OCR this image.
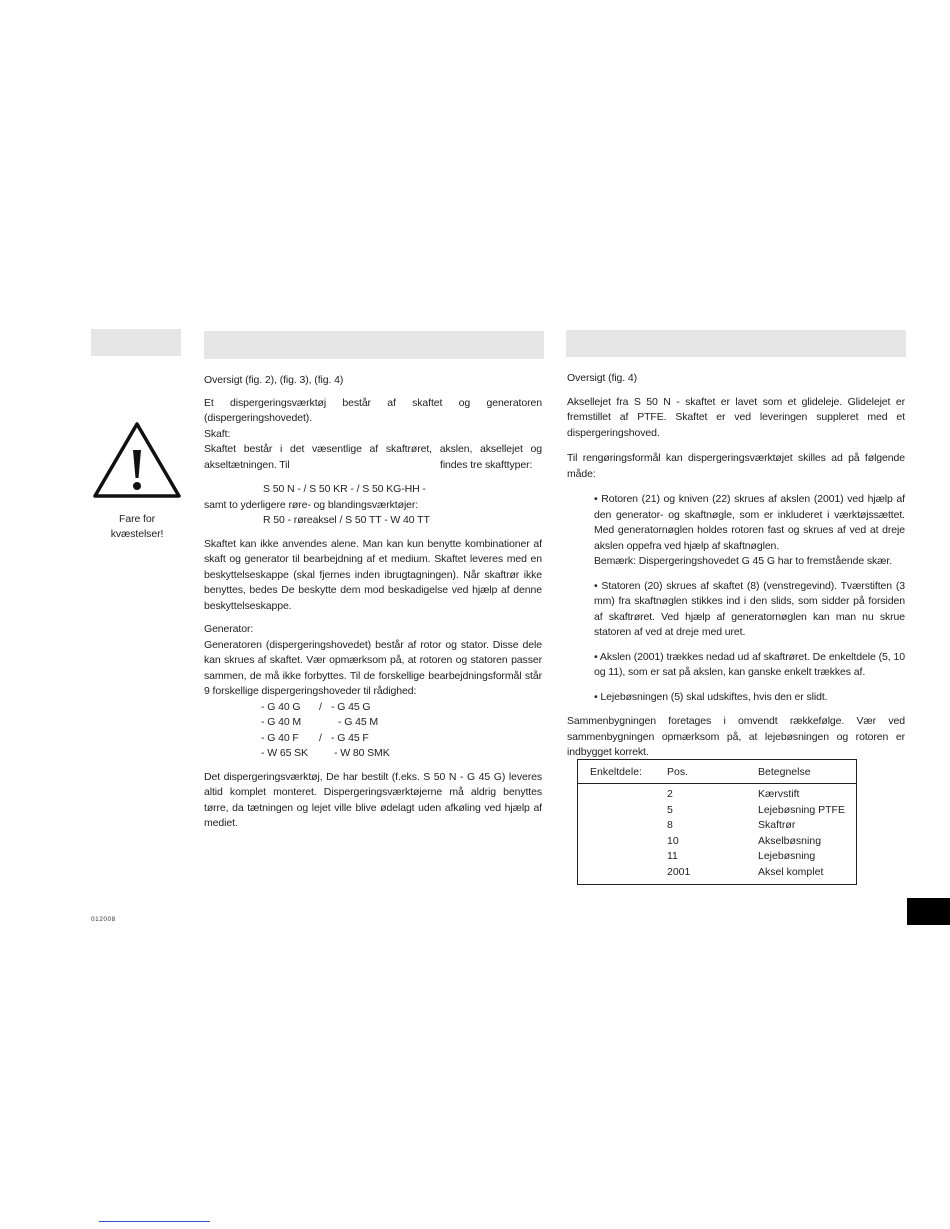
Fare for
kvæstelser!
012008
Oversigt (fig. 2), (fig. 3), (fig. 4)
Et dispergeringsværktøj består af skaftet og generatoren (dispergeringshovedet).
Skaft:
Skaftet består i det væsentlige af skaftrøret, akslen, aksellejet og akseltætningen. Til	findes tre skafttyper:
S 50 N - / S 50 KR - / S 50 KG-HH -
samt to yderligere røre- og blandingsværktøjer:
R 50 - røreaksel / S 50 TT - W 40 TT
Skaftet kan ikke anvendes alene. Man kan kun benytte kombinationer af skaft og generator til bearbejdning af et medium. Skaftet leveres med en beskyttelseskappe (skal fjernes inden ibrugtagningen). Når skaftrør ikke benyttes, bedes De beskytte dem mod beskadigelse ved hjælp af denne beskyttelseskappe.
Generator:
Generatoren (dispergeringshovedet) består af rotor og stator. Disse dele kan skrues af skaftet. Vær opmærksom på, at rotoren og statoren passer sammen, de må ikke forbyttes. Til de forskellige bearbejdningsformål står 9 forskellige dispergeringshoveder til rådighed:
- G 40 G / - G 45 G
- G 40 M	- G 45 M
- G 40 F / - G 45 F
- W 65 SK - W 80 SMK
Det dispergeringsværktøj, De har bestilt (f.eks. S 50 N - G 45 G) leveres altid komplet monteret. Dispergeringsværktøjerne må aldrig benyttes tørre, da tætningen og lejet ville blive ødelagt uden afkøling ved hjælp af mediet.
Oversigt (fig. 4)
Aksellejet fra S 50 N - skaftet er lavet som et glideleje. Glidelejet er fremstillet af PTFE. Skaftet er ved leveringen suppleret med et dispergeringshoved.
Til rengøringsformål kan dispergeringsværktøjet skilles ad på følgende måde:
• Rotoren (21) og kniven (22) skrues af akslen (2001) ved hjælp af den generator- og skaftnøgle, som er inkluderet i værktøjssættet. Med generatornøglen holdes rotoren fast og skrues af ved at dreje akslen oppefra ved hjælp af skaftnøglen.
Bemærk: Dispergeringshovedet G 45 G har to fremstående skær.
• Statoren (20) skrues af skaftet (8) (venstregevind). Tværstiften (3 mm) fra skaftnøglen stikkes ind i den slids, som sidder på forsiden af skaftrøret. Ved hjælp af generatornøglen kan man nu skrue statoren af ved at dreje med uret.
• Akslen (2001) trækkes nedad ud af skaftrøret. De enkeltdele (5, 10 og 11), som er sat på akslen, kan ganske enkelt trækkes af.
• Lejebøsningen (5) skal udskiftes, hvis den er slidt.
Sammenbygningen foretages i omvendt rækkefølge. Vær ved sammenbygningen opmærksom på, at lejebøsningen og rotoren er indbygget korrekt.
Enkeltdele: Pos.	Betegnelse
2	Kærvstift
5	Lejebøsning PTFE
8	Skaftrør
10	Akselbøsning
11	Lejebøsning
2001	Aksel komplet
